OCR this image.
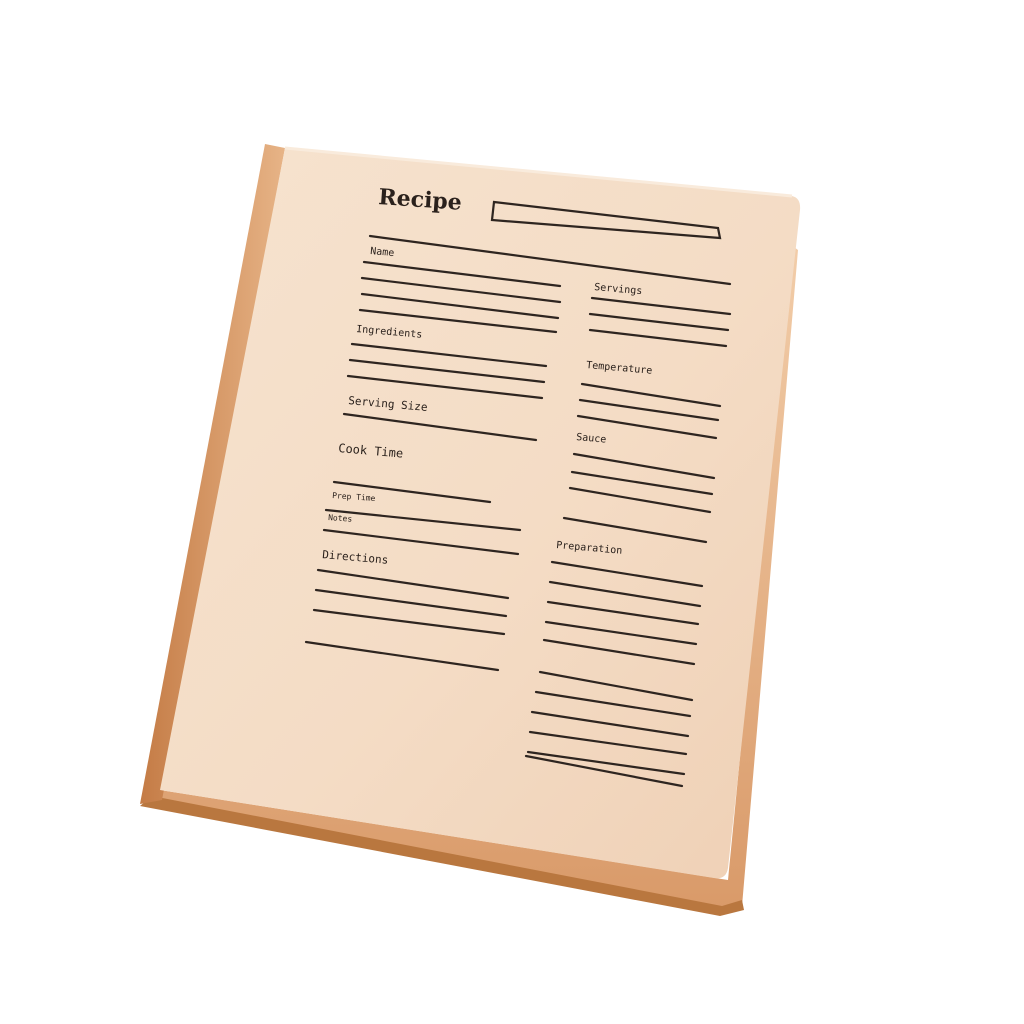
Recipe
Name
Ingredients
Serving Size
Cook Time
Prep Time
Notes
Directions
Servings
Temperature
Sauce
Preparation
